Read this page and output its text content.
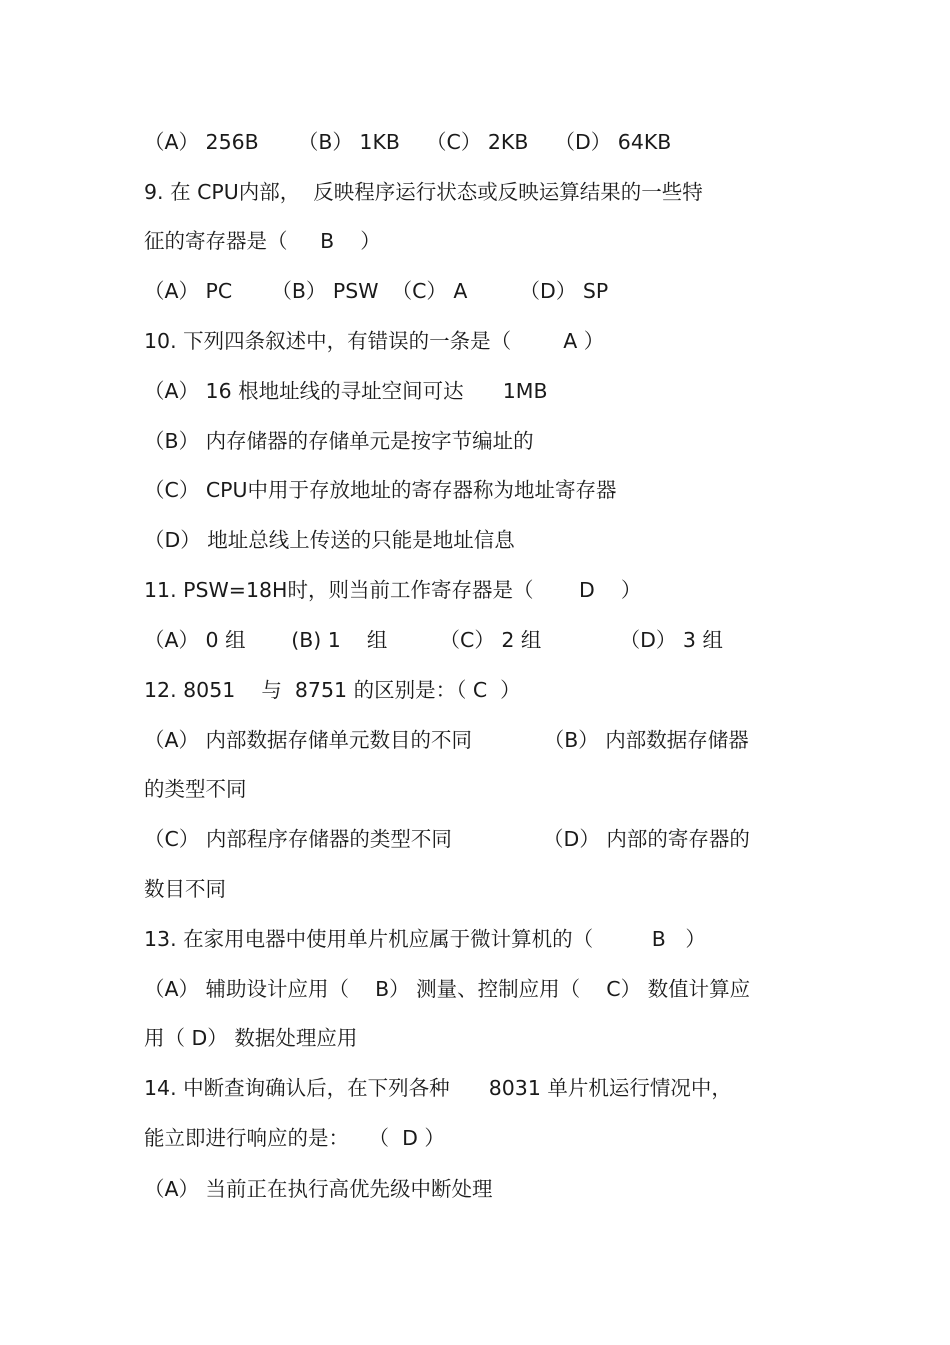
（A） 256B      （B） 1KB    （C） 2KB    （D） 64KB
9. 在 CPU内部，  反映程序运行状态或反映运算结果的一些特
征的寄存器是（     B    ）
（A） PC      （B） PSW  （C） A        （D） SP
10. 下列四条叙述中，有错误的一条是（        A ）
（A） 16 根地址线的寻址空间可达      1MB
（B） 内存储器的存储单元是按字节编址的
（C） CPU中用于存放地址的寄存器称为地址寄存器
（D） 地址总线上传送的只能是地址信息
11. PSW=18H时，则当前工作寄存器是（       D    ）
（A） 0 组       (B) 1    组        （C） 2 组            （D） 3 组
12. 8051    与  8751 的区别是：（ C  ）
（A） 内部数据存储单元数目的不同           （B） 内部数据存储器
的类型不同
（C） 内部程序存储器的类型不同              （D） 内部的寄存器的
数目不同
13. 在家用电器中使用单片机应属于微计算机的（         B   ）
（A） 辅助设计应用（    B） 测量、控制应用（    C） 数值计算应
用（ D） 数据处理应用
14. 中断查询确认后，在下列各种      8031 单片机运行情况中，
能立即进行响应的是：   （  D ）
（A） 当前正在执行高优先级中断处理
